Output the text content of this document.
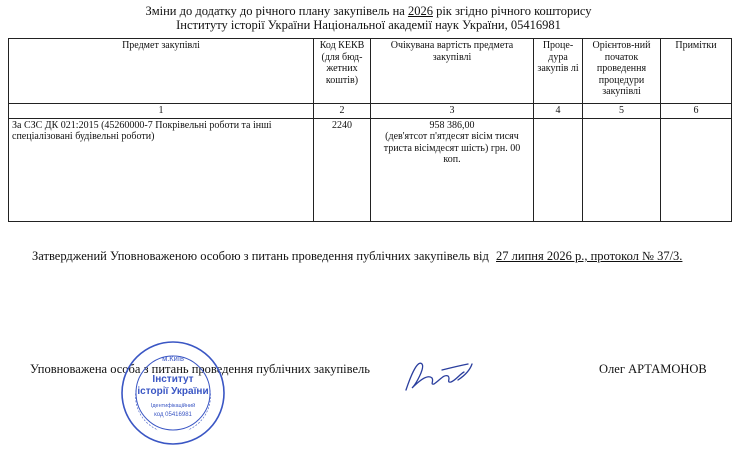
Зміни до додатку до річного плану закупівель на 2026 рік згідно річного кошторису
Інституту історії України Національної академії наук України, 05416981
Предмет закупівлі	Код КЕКВ (для бюд-жетних коштів)	Очікувана вартість предмета закупівлі	Проце-дура закупів лі	Орієнтов-ний початок проведення процедури закупівлі	Примітки
1	2	3	4	5	6
За СЗС ДК 021:2015 (45260000-7 Покрівельні роботи та інші спеціалізовані будівельні роботи)	2240	958 386,00
(дев'ятсот п'ятдесят вісім тисяч триста вісімдесят шість) грн. 00 коп.			

Затверджений Уповноваженою особою з питань проведення публічних закупівель від 27 липня 2026 р., протокол № 37/3.
Уповноважена особа з питань проведення публічних закупівель	Олег АРТАМОНОВ
м.Київ
Інститут
історії України
Ідентифікаційний
код 05416981
